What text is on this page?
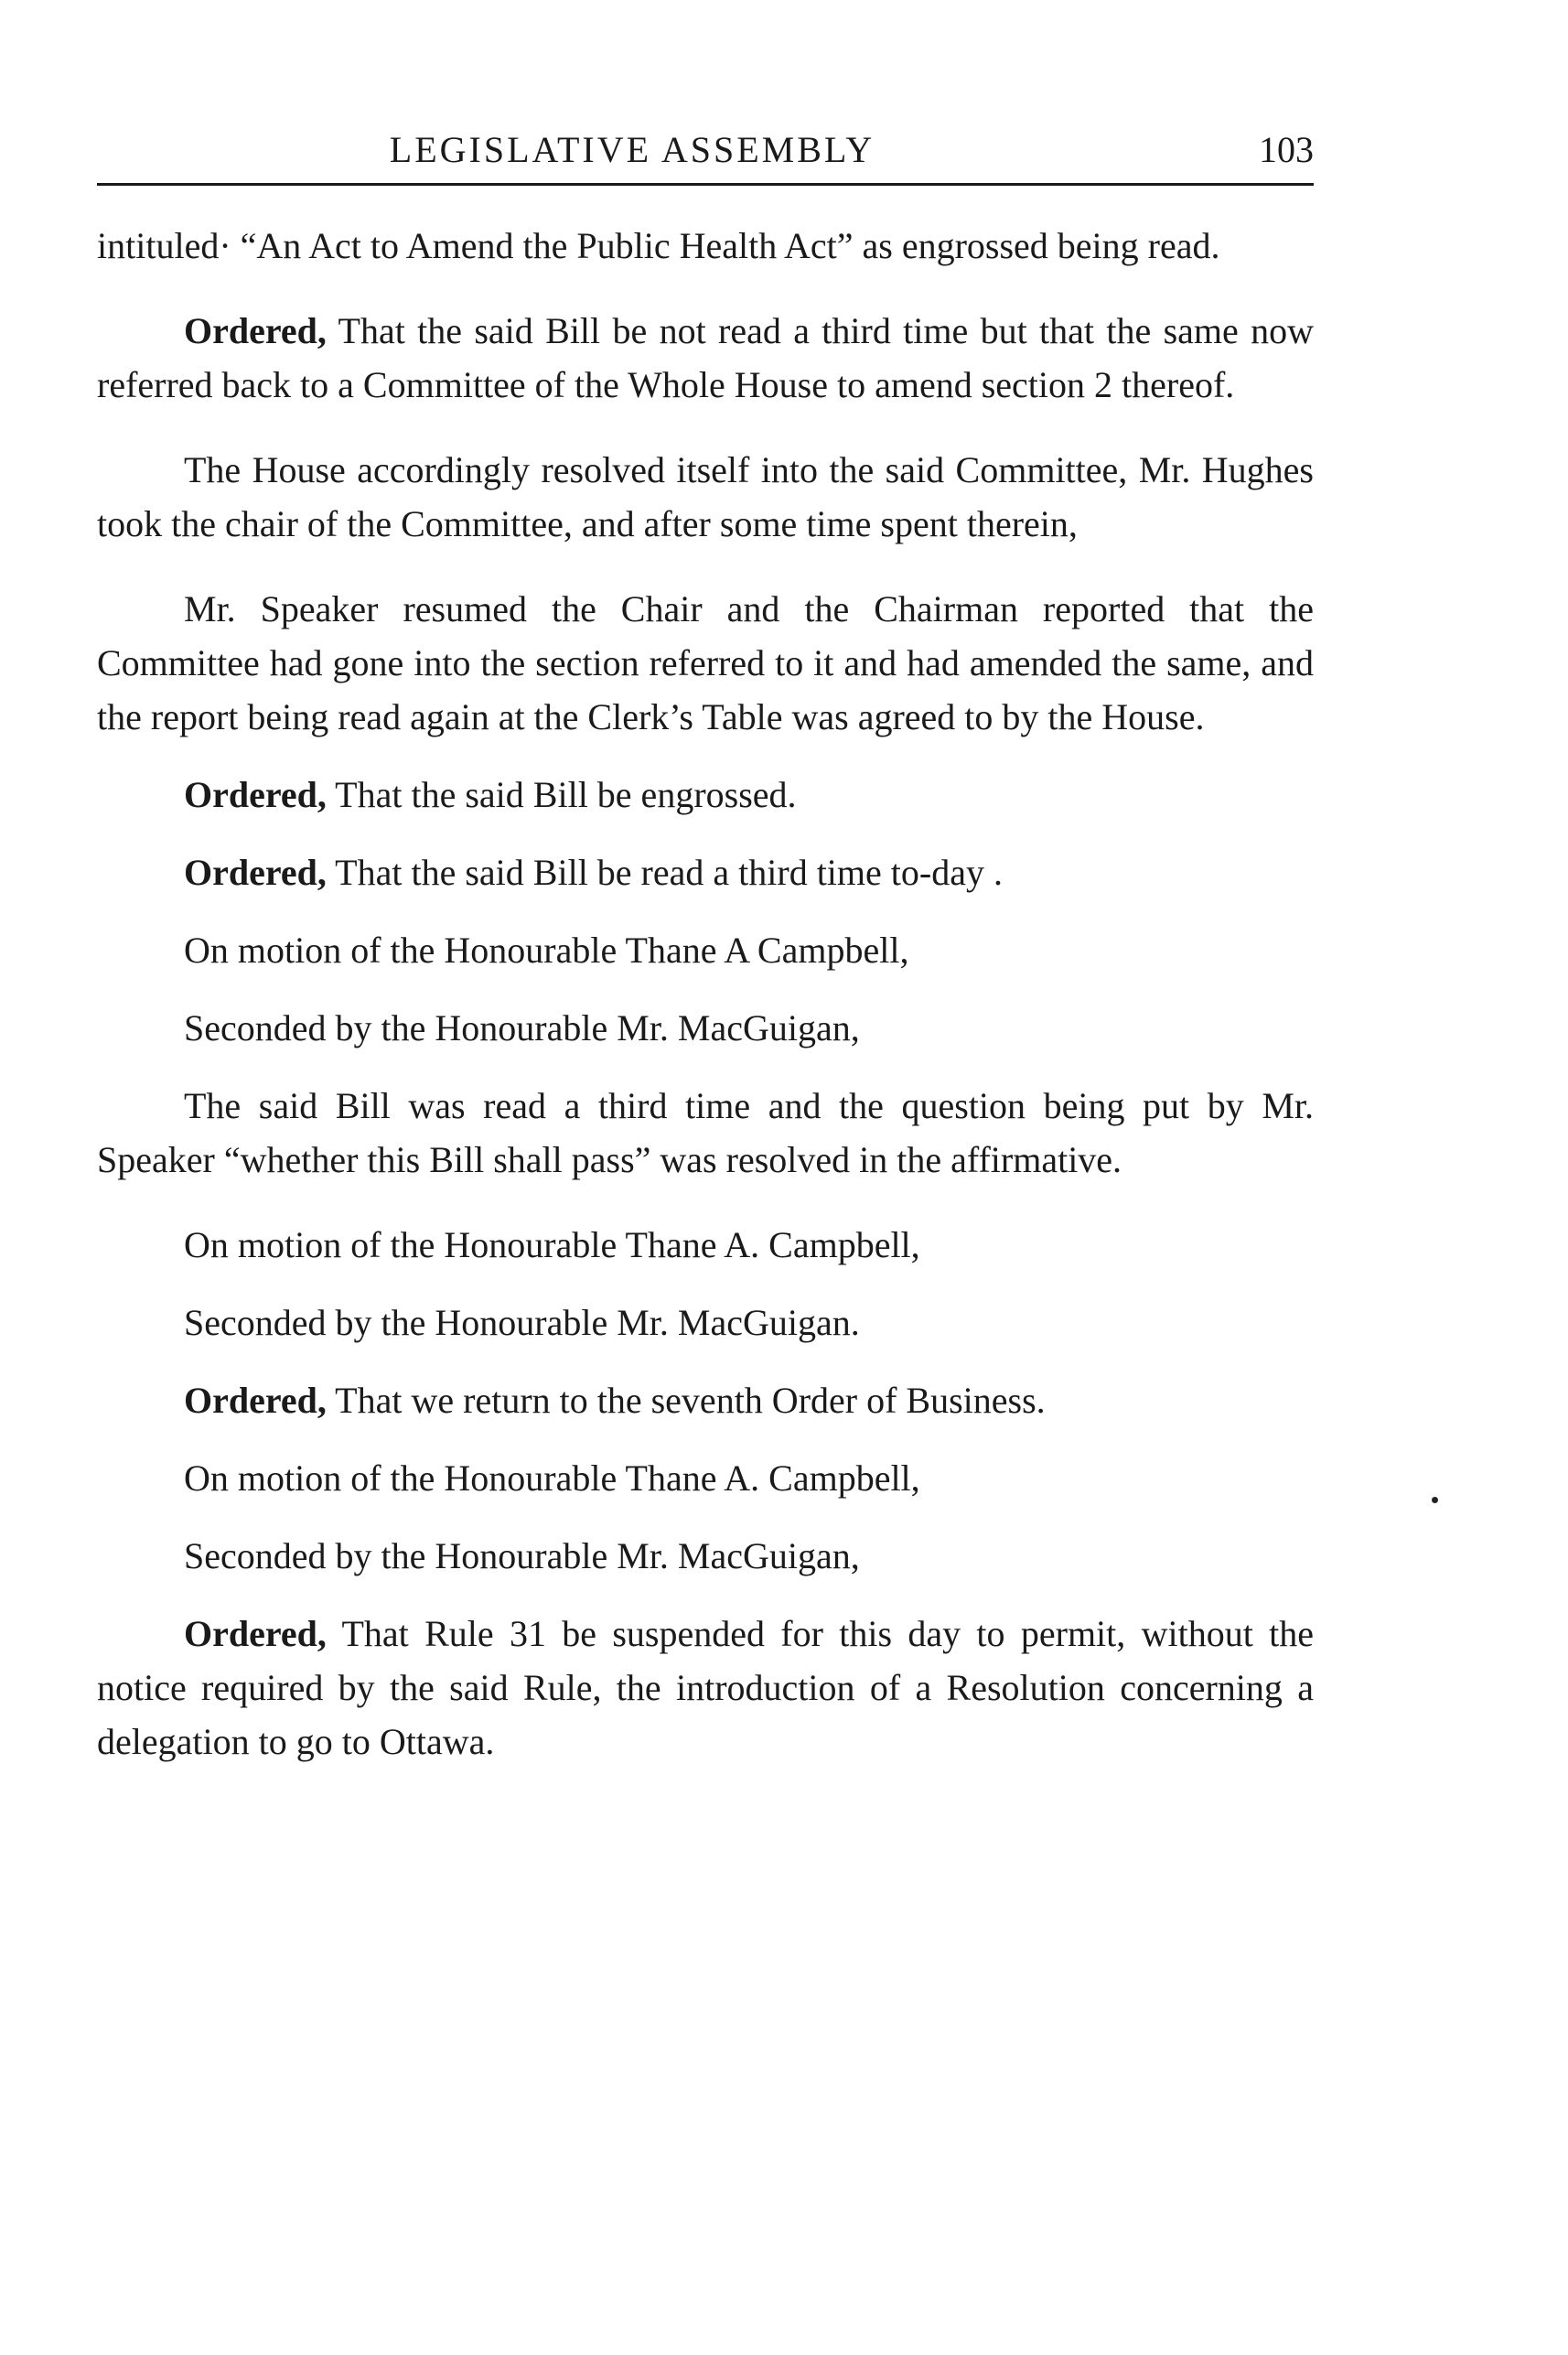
LEGISLATIVE ASSEMBLY	103

intituled· “An Act to Amend the Public Health Act” as engrossed being read.

Ordered, That the said Bill be not read a third time but that the same now referred back to a Committee of the Whole House to amend section 2 thereof.

The House accordingly resolved itself into the said Committee, Mr. Hughes took the chair of the Committee, and after some time spent therein,

Mr. Speaker resumed the Chair and the Chairman reported that the Committee had gone into the section referred to it and had amended the same, and the report being read again at the Clerk’s Table was agreed to by the House.

Ordered, That the said Bill be engrossed.

Ordered, That the said Bill be read a third time to-day .

On motion of the Honourable Thane A Campbell,

Seconded by the Honourable Mr. MacGuigan,

The said Bill was read a third time and the question being put by Mr. Speaker “whether this Bill shall pass” was resolved in the affirmative.

On motion of the Honourable Thane A. Campbell,

Seconded by the Honourable Mr. MacGuigan.

Ordered, That we return to the seventh Order of Business.

On motion of the Honourable Thane A. Campbell,

Seconded by the Honourable Mr. MacGuigan,

Ordered, That Rule 31 be suspended for this day to permit, without the notice required by the said Rule, the introduction of a Resolution concerning a delegation to go to Ottawa.
